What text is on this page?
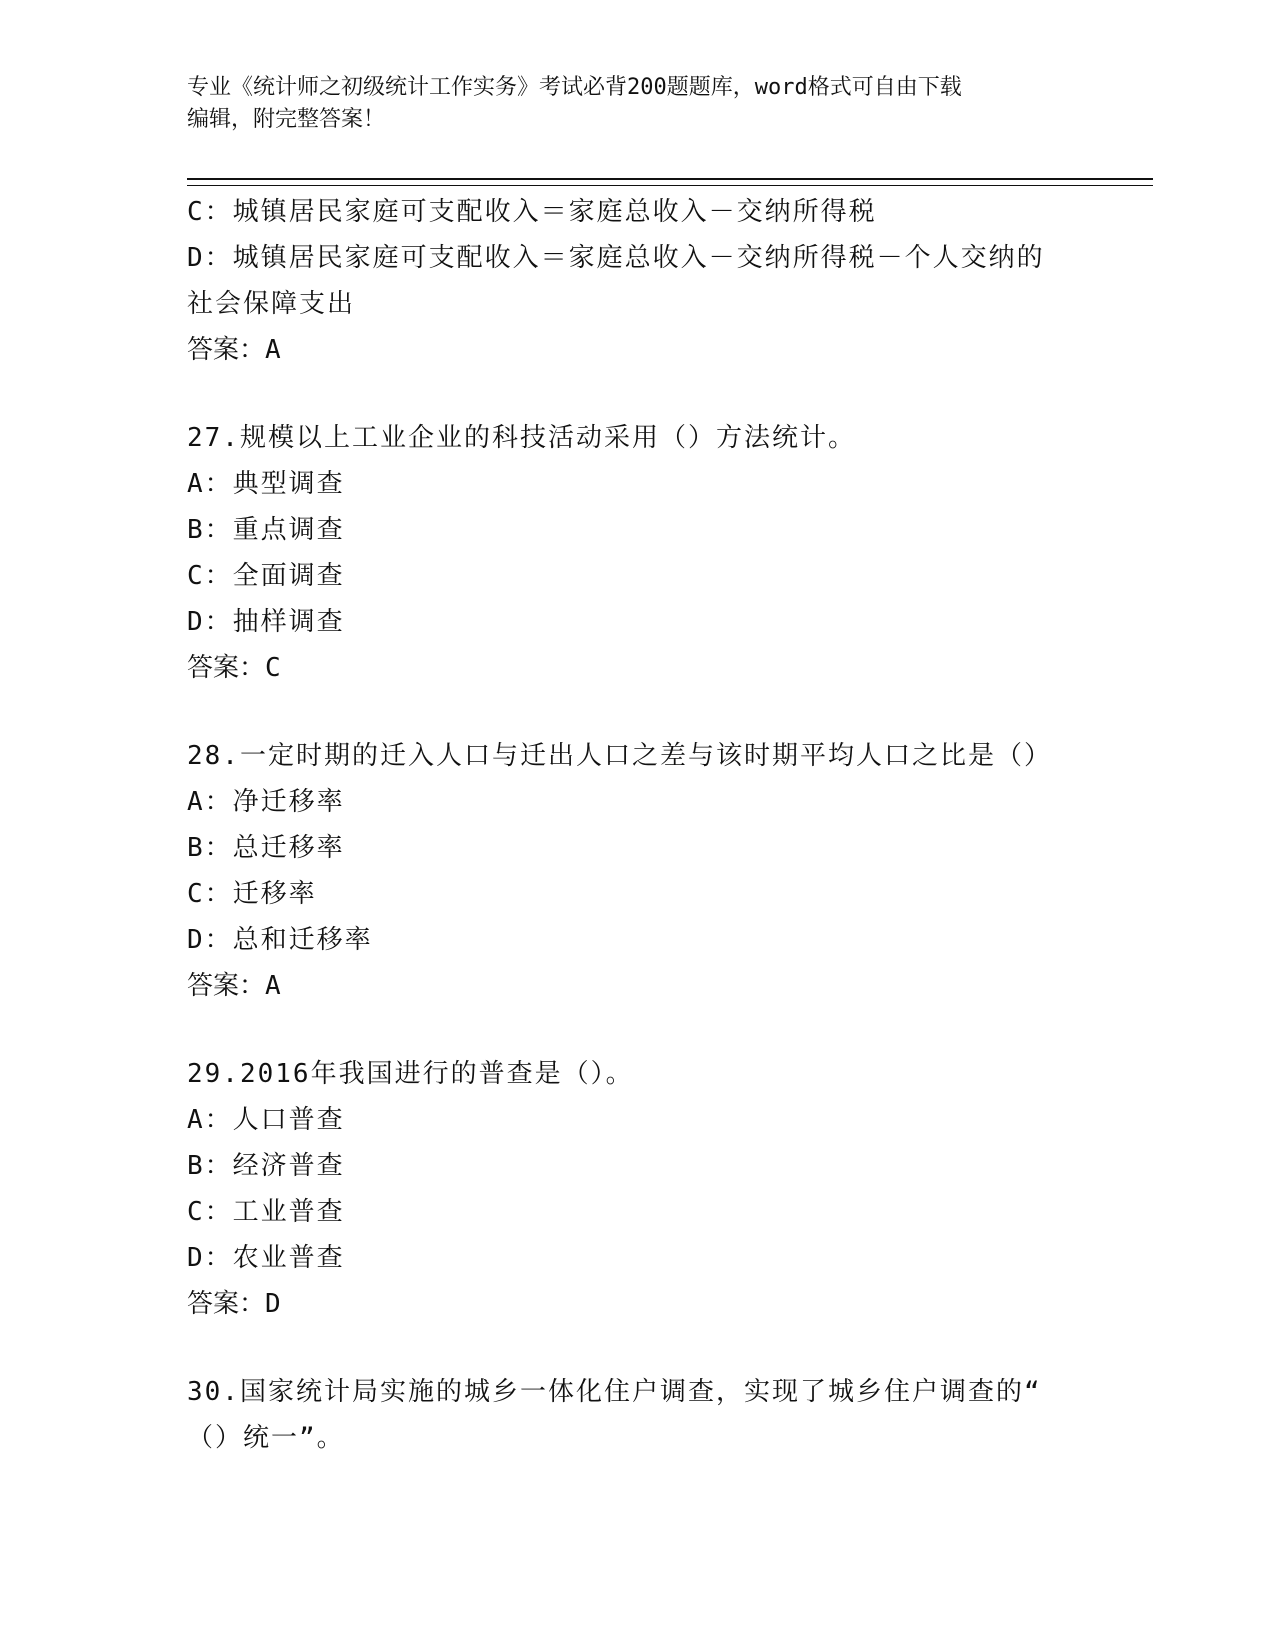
专业《统计师之初级统计工作实务》考试必背200题题库，word格式可自由下载
编辑，附完整答案！
C：城镇居民家庭可支配收入＝家庭总收入－交纳所得税
D：城镇居民家庭可支配收入＝家庭总收入－交纳所得税－个人交纳的
社会保障支出
答案：A
27.规模以上工业企业的科技活动采用（）方法统计。
A：典型调查
B：重点调查
C：全面调查
D：抽样调查
答案：C
28.一定时期的迁入人口与迁出人口之差与该时期平均人口之比是（）
A：净迁移率
B：总迁移率
C：迁移率
D：总和迁移率
答案：A
29.2016年我国进行的普查是（）。
A：人口普查
B：经济普查
C：工业普查
D：农业普查
答案：D
30.国家统计局实施的城乡一体化住户调查，实现了城乡住户调查的“
（）统一”。
